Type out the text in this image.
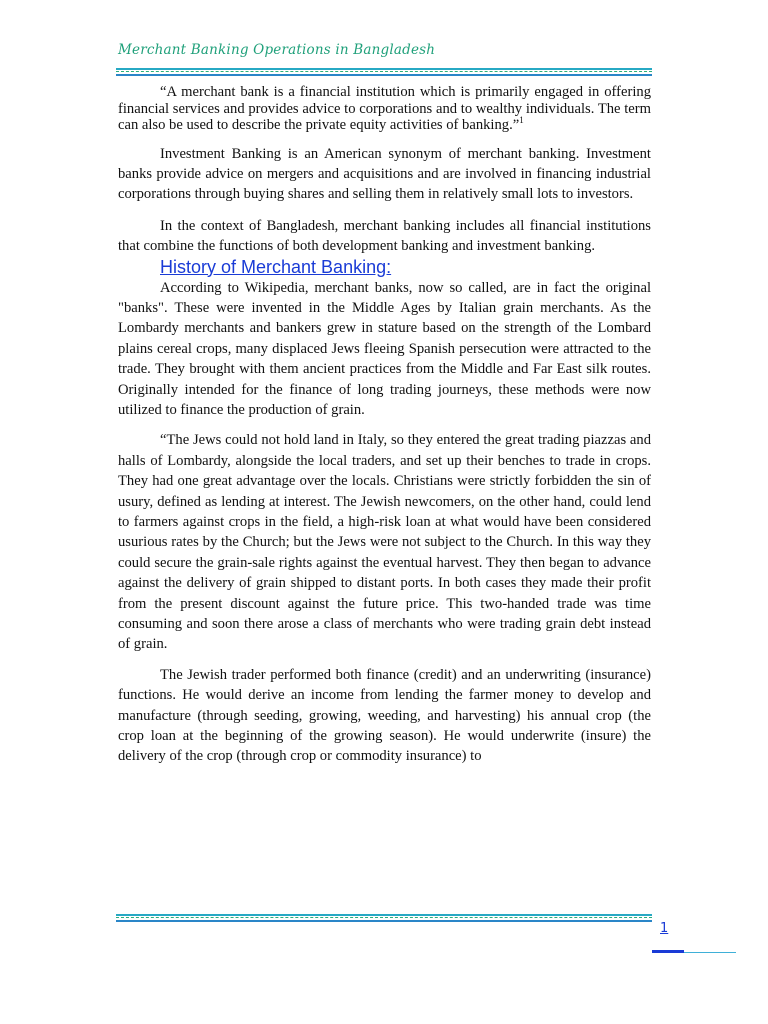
Merchant Banking Operations in Bangladesh

“A merchant bank is a financial institution which is primarily engaged in offering financial services and provides advice to corporations and to wealthy individuals. The term can also be used to describe the private equity activities of banking.”$^1$

Investment Banking is an American synonym of merchant banking. Investment banks provide advice on mergers and acquisitions and are involved in financing industrial corporations through buying shares and selling them in relatively small lots to investors.

In the context of Bangladesh, merchant banking includes all financial institutions that combine the functions of both development banking and investment banking.

History of Merchant Banking:

According to Wikipedia, merchant banks, now so called, are in fact the original "banks". These were invented in the Middle Ages by Italian grain merchants. As the Lombardy merchants and bankers grew in stature based on the strength of the Lombard plains cereal crops, many displaced Jews fleeing Spanish persecution were attracted to the trade. They brought with them ancient practices from the Middle and Far East silk routes. Originally intended for the finance of long trading journeys, these methods were now utilized to finance the production of grain.

“The Jews could not hold land in Italy, so they entered the great trading piazzas and halls of Lombardy, alongside the local traders, and set up their benches to trade in crops. They had one great advantage over the locals. Christians were strictly forbidden the sin of usury, defined as lending at interest. The Jewish newcomers, on the other hand, could lend to farmers against crops in the field, a high-risk loan at what would have been considered usurious rates by the Church; but the Jews were not subject to the Church. In this way they could secure the grain-sale rights against the eventual harvest. They then began to advance against the delivery of grain shipped to distant ports. In both cases they made their profit from the present discount against the future price. This two-handed trade was time consuming and soon there arose a class of merchants who were trading grain debt instead of grain.

The Jewish trader performed both finance (credit) and an underwriting (insurance) functions. He would derive an income from lending the farmer money to develop and manufacture (through seeding, growing, weeding, and harvesting) his annual crop (the crop loan at the beginning of the growing season). He would underwrite (insure) the delivery of the crop (through crop or commodity insurance) to

1
